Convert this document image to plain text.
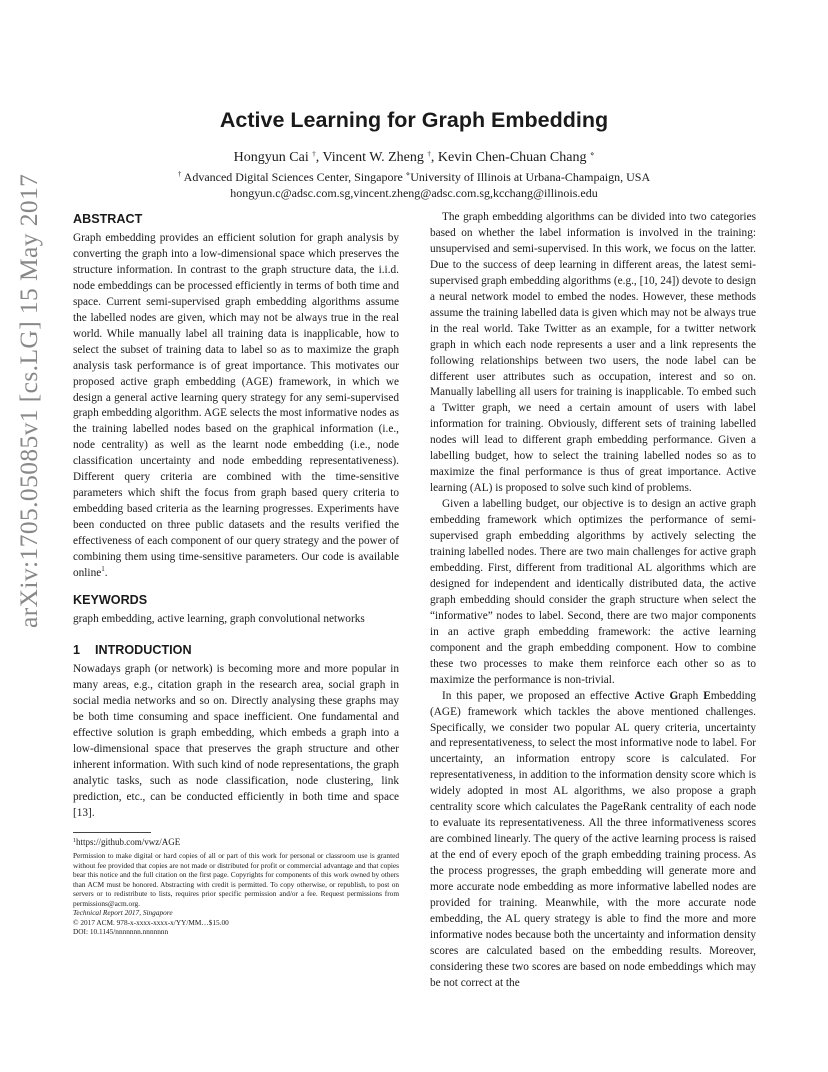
arXiv:1705.05085v1 [cs.LG] 15 May 2017
Active Learning for Graph Embedding
Hongyun Cai †, Vincent W. Zheng †, Kevin Chen-Chuan Chang ⋄
† Advanced Digital Sciences Center, Singapore ⋄University of Illinois at Urbana-Champaign, USA
hongyun.c@adsc.com.sg,vincent.zheng@adsc.com.sg,kcchang@illinois.edu
ABSTRACT

Graph embedding provides an efficient solution for graph analysis by converting the graph into a low-dimensional space which preserves the structure information. In contrast to the graph structure data, the i.i.d. node embeddings can be processed efficiently in terms of both time and space. Current semi-supervised graph embedding algorithms assume the labelled nodes are given, which may not be always true in the real world. While manually label all training data is inapplicable, how to select the subset of training data to label so as to maximize the graph analysis task performance is of great importance. This motivates our proposed active graph embedding (AGE) framework, in which we design a general active learning query strategy for any semi-supervised graph embedding algorithm. AGE selects the most informative nodes as the training labelled nodes based on the graphical information (i.e., node centrality) as well as the learnt node embedding (i.e., node classification uncertainty and node embedding representativeness). Different query criteria are combined with the time-sensitive parameters which shift the focus from graph based query criteria to embedding based criteria as the learning progresses. Experiments have been conducted on three public datasets and the results verified the effectiveness of each component of our query strategy and the power of combining them using time-sensitive parameters. Our code is available online$^1$.

KEYWORDS

graph embedding, active learning, graph convolutional networks

1 INTRODUCTION

Nowadays graph (or network) is becoming more and more popular in many areas, e.g., citation graph in the research area, social graph in social media networks and so on. Directly analysing these graphs may be both time consuming and space inefficient. One fundamental and effective solution is graph embedding, which embeds a graph into a low-dimensional space that preserves the graph structure and other inherent information. With such kind of node representations, the graph analytic tasks, such as node classification, node clustering, link prediction, etc., can be conducted efficiently in both time and space [13].

$^1$https://github.com/vwz/AGE

Permission to make digital or hard copies of all or part of this work for personal or classroom use is granted without fee provided that copies are not made or distributed for profit or commercial advantage and that copies bear this notice and the full citation on the first page. Copyrights for components of this work owned by others than ACM must be honored. Abstracting with credit is permitted. To copy otherwise, or republish, to post on servers or to redistribute to lists, requires prior specific permission and/or a fee. Request permissions from permissions@acm.org.

Technical Report 2017, Singapore

© 2017 ACM. 978-x-xxxx-xxxx-x/YY/MM…$15.00

DOI: 10.1145/nnnnnnn.nnnnnnn

The graph embedding algorithms can be divided into two categories based on whether the label information is involved in the training: unsupervised and semi-supervised. In this work, we focus on the latter. Due to the success of deep learning in different areas, the latest semi-supervised graph embedding algorithms (e.g., [10, 24]) devote to design a neural network model to embed the nodes. However, these methods assume the training labelled data is given which may not be always true in the real world. Take Twitter as an example, for a twitter network graph in which each node represents a user and a link represents the following relationships between two users, the node label can be different user attributes such as occupation, interest and so on. Manually labelling all users for training is inapplicable. To embed such a Twitter graph, we need a certain amount of users with label information for training. Obviously, different sets of training labelled nodes will lead to different graph embedding performance. Given a labelling budget, how to select the training labelled nodes so as to maximize the final performance is thus of great importance. Active learning (AL) is proposed to solve such kind of problems.

Given a labelling budget, our objective is to design an active graph embedding framework which optimizes the performance of semi-supervised graph embedding algorithms by actively selecting the training labelled nodes. There are two main challenges for active graph embedding. First, different from traditional AL algorithms which are designed for independent and identically distributed data, the active graph embedding should consider the graph structure when select the “informative” nodes to label. Second, there are two major components in an active graph embedding framework: the active learning component and the graph embedding component. How to combine these two processes to make them reinforce each other so as to maximize the performance is non-trivial.

In this paper, we proposed an effective Active Graph Embedding (AGE) framework which tackles the above mentioned challenges. Specifically, we consider two popular AL query criteria, uncertainty and representativeness, to select the most informative node to label. For uncertainty, an information entropy score is calculated. For representativeness, in addition to the information density score which is widely adopted in most AL algorithms, we also propose a graph centrality score which calculates the PageRank centrality of each node to evaluate its representativeness. All the three informativeness scores are combined linearly. The query of the active learning process is raised at the end of every epoch of the graph embedding training process. As the process progresses, the graph embedding will generate more and more accurate node embedding as more informative labelled nodes are provided for training. Meanwhile, with the more accurate node embedding, the AL query strategy is able to find the more and more informative nodes because both the uncertainty and information density scores are calculated based on the embedding results. Moreover, considering these two scores are based on node embeddings which may be not correct at the
